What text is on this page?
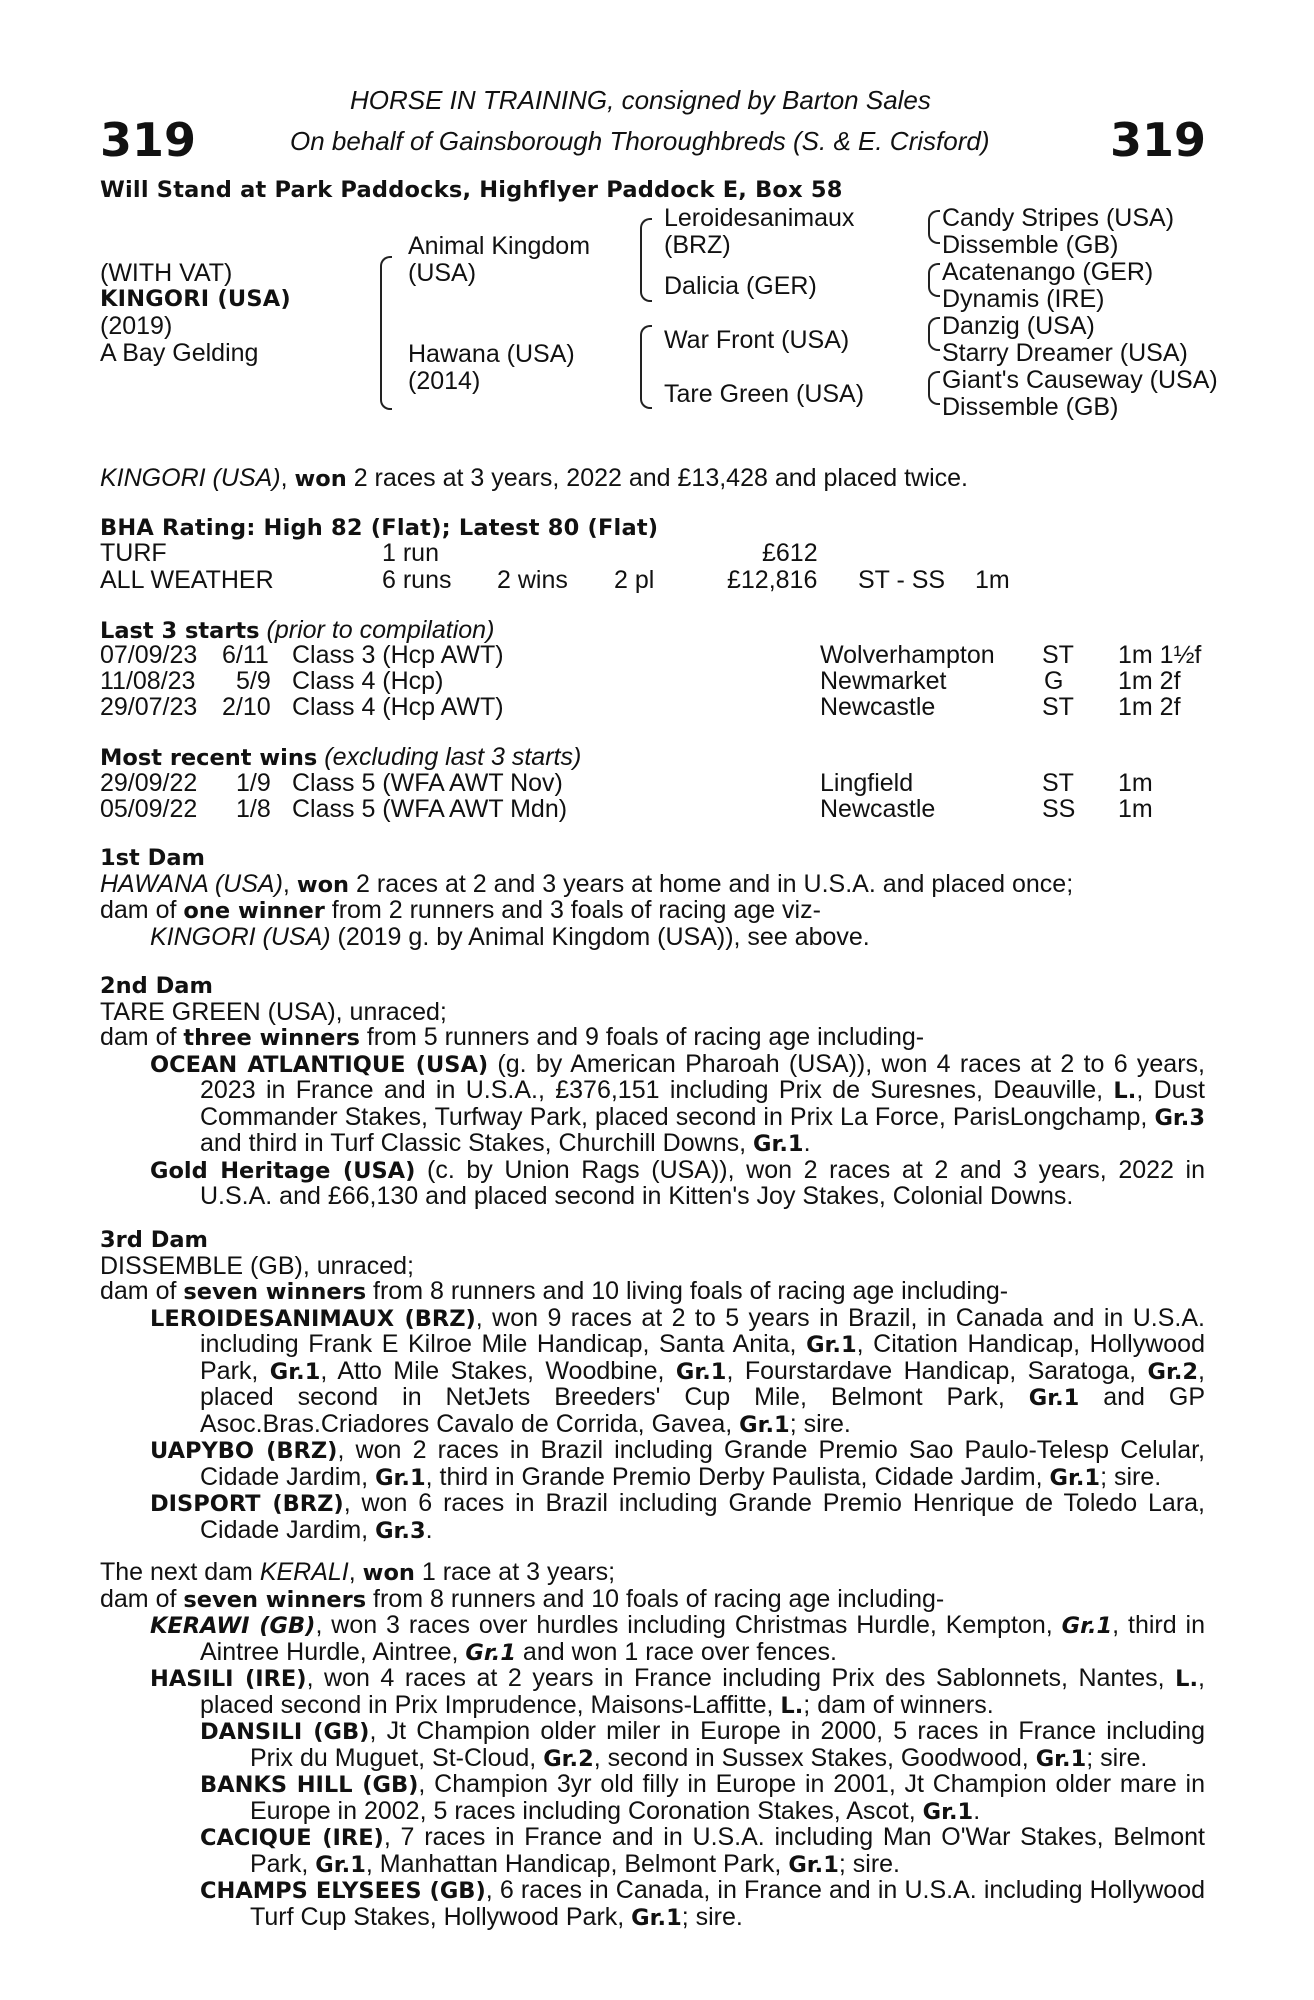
319	319
HORSE IN TRAINING, consigned by Barton Sales
On behalf of Gainsborough Thoroughbreds (S. & E. Crisford)
Will Stand at Park Paddocks, Highflyer Paddock E, Box 58
(WITH VAT)
KINGORI (USA)
(2019)
A Bay Gelding
Animal Kingdom
(USA)
Hawana (USA)
(2014)
Leroidesanimaux
(BRZ)
Dalicia (GER)
War Front (USA)
Tare Green (USA)
Candy Stripes (USA)
Dissemble (GB)
Acatenango (GER)
Dynamis (IRE)
Danzig (USA)
Starry Dreamer (USA)
Giant's Causeway (USA)
Dissemble (GB)
KINGORI (USA), won 2 races at 3 years, 2022 and £13,428 and placed twice.
BHA Rating: High 82 (Flat); Latest 80 (Flat)
TURF	1 run	£612
ALL WEATHER	6 runs 2 wins 2 pl	£12,816 ST - SS 1m
Last 3 starts (prior to compilation)
07/09/23 6/11 Class 3 (Hcp AWT)	Wolverhampton ST 1m 1½f
11/08/23 5/9 Class 4 (Hcp)	Newmarket	G 1m 2f
29/07/23 2/10 Class 4 (Hcp AWT)	Newcastle	ST 1m 2f
Most recent wins (excluding last 3 starts)
29/09/22 1/9 Class 5 (WFA AWT Nov)	Lingfield	ST 1m
05/09/22 1/8 Class 5 (WFA AWT Mdn)	Newcastle	SS 1m
1st Dam
HAWANA (USA), won 2 races at 2 and 3 years at home and in U.S.A. and placed once;
dam of one winner from 2 runners and 3 foals of racing age viz-
KINGORI (USA) (2019 g. by Animal Kingdom (USA)), see above.
2nd Dam
TARE GREEN (USA), unraced;
dam of three winners from 5 runners and 9 foals of racing age including-
OCEAN ATLANTIQUE (USA) (g. by American Pharoah (USA)), won 4 races at 2 to 6 years, 2023 in France and in U.S.A., £376,151 including Prix de Suresnes, Deauville, L., Dust Commander Stakes, Turfway Park, placed second in Prix La Force, ParisLongchamp, Gr.3 and third in Turf Classic Stakes, Churchill Downs, Gr.1.
Gold Heritage (USA) (c. by Union Rags (USA)), won 2 races at 2 and 3 years, 2022 in U.S.A. and £66,130 and placed second in Kitten's Joy Stakes, Colonial Downs.
3rd Dam
DISSEMBLE (GB), unraced;
dam of seven winners from 8 runners and 10 living foals of racing age including-
LEROIDESANIMAUX (BRZ), won 9 races at 2 to 5 years in Brazil, in Canada and in U.S.A. including Frank E Kilroe Mile Handicap, Santa Anita, Gr.1, Citation Handicap, Hollywood Park, Gr.1, Atto Mile Stakes, Woodbine, Gr.1, Fourstardave Handicap, Saratoga, Gr.2, placed second in NetJets Breeders' Cup Mile, Belmont Park, Gr.1 and GP Asoc.Bras.Criadores Cavalo de Corrida, Gavea, Gr.1; sire.
UAPYBO (BRZ), won 2 races in Brazil including Grande Premio Sao Paulo-Telesp Celular, Cidade Jardim, Gr.1, third in Grande Premio Derby Paulista, Cidade Jardim, Gr.1; sire.
DISPORT (BRZ), won 6 races in Brazil including Grande Premio Henrique de Toledo Lara, Cidade Jardim, Gr.3.
The next dam KERALI, won 1 race at 3 years;
dam of seven winners from 8 runners and 10 foals of racing age including-
KERAWI (GB), won 3 races over hurdles including Christmas Hurdle, Kempton, Gr.1, third in Aintree Hurdle, Aintree, Gr.1 and won 1 race over fences.
HASILI (IRE), won 4 races at 2 years in France including Prix des Sablonnets, Nantes, L., placed second in Prix Imprudence, Maisons-Laffitte, L.; dam of winners.
DANSILI (GB), Jt Champion older miler in Europe in 2000, 5 races in France including Prix du Muguet, St-Cloud, Gr.2, second in Sussex Stakes, Goodwood, Gr.1; sire.
BANKS HILL (GB), Champion 3yr old filly in Europe in 2001, Jt Champion older mare in Europe in 2002, 5 races including Coronation Stakes, Ascot, Gr.1.
CACIQUE (IRE), 7 races in France and in U.S.A. including Man O'War Stakes, Belmont Park, Gr.1, Manhattan Handicap, Belmont Park, Gr.1; sire.
CHAMPS ELYSEES (GB), 6 races in Canada, in France and in U.S.A. including Hollywood Turf Cup Stakes, Hollywood Park, Gr.1; sire.
